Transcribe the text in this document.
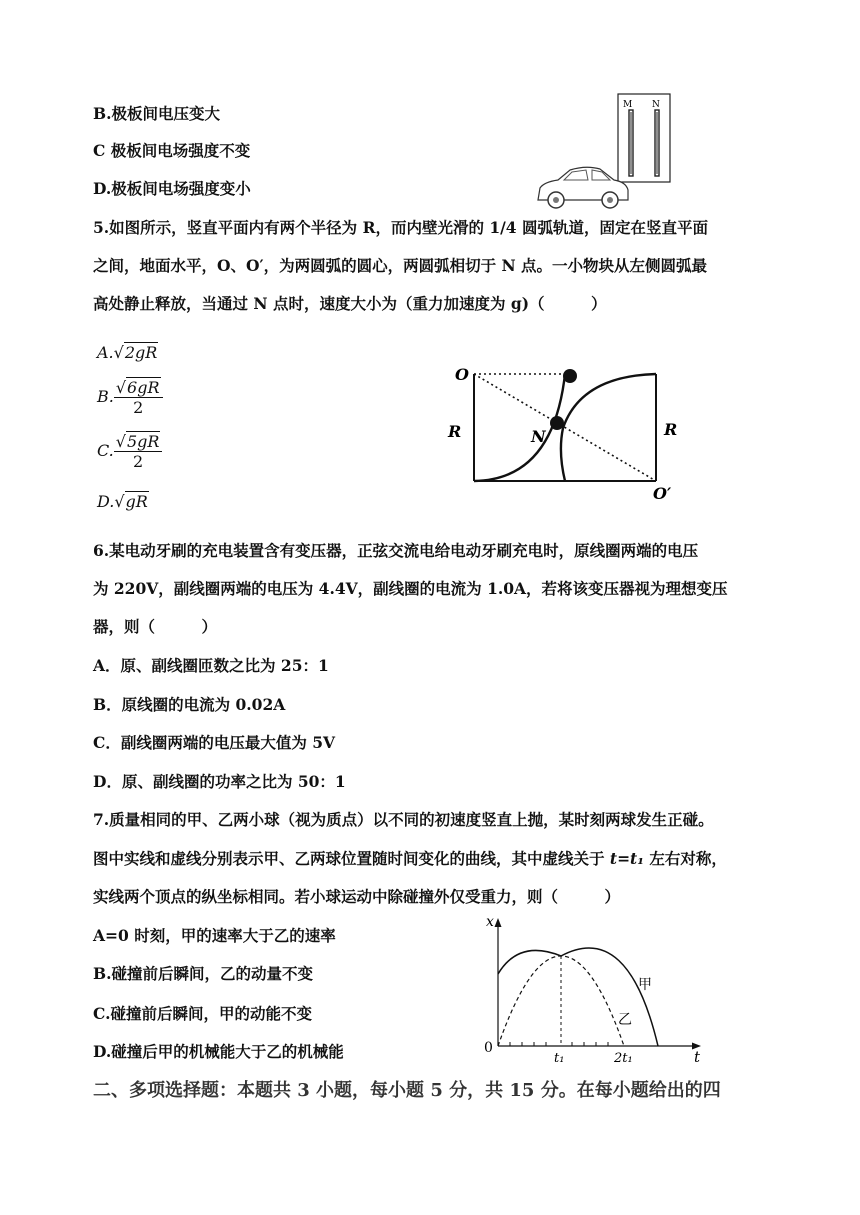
B.极板间电压变大
C 极板间电场强度不变
D.极板间电场强度变小
M N
5.如图所示，竖直平面内有两个半径为 R，而内壁光滑的 1/4 圆弧轨道，固定在竖直平面
之间，地面水平，O、O′，为两圆弧的圆心，两圆弧相切于 N 点。一小物块从左侧圆弧最
高处静止释放，当通过 N 点时，速度大小为（重力加速度为 g)（　　　）
A.√2gR
B. $\frac{√6gR}{2}$
C. $\frac{√5gR}{2}$
D.√gR
O
R	N	R
O′
6.某电动牙刷的充电装置含有变压器，正弦交流电给电动牙刷充电时，原线圈两端的电压
为 220V，副线圈两端的电压为 4.4V，副线圈的电流为 1.0A，若将该变压器视为理想变压
器，则（　　　）
A．原、副线圈匝数之比为 25：1
B．原线圈的电流为 0.02A
C．副线圈两端的电压最大值为 5V
D．原、副线圈的功率之比为 50：1
7.质量相同的甲、乙两小球（视为质点）以不同的初速度竖直上抛，某时刻两球发生正碰。
图中实线和虚线分别表示甲、乙两球位置随时间变化的曲线，其中虚线关于 t=t₁ 左右对称，
实线两个顶点的纵坐标相同。若小球运动中除碰撞外仅受重力，则（　　　）
A=0 时刻，甲的速率大于乙的速率
B.碰撞前后瞬间，乙的动量不变
C.碰撞前后瞬间，甲的动能不变
D.碰撞后甲的机械能大于乙的机械能
x
0
t₁	2t₁	t
甲
乙
二、多项选择题：本题共 3 小题，每小题 5 分，共 15 分。在每小题给出的四
